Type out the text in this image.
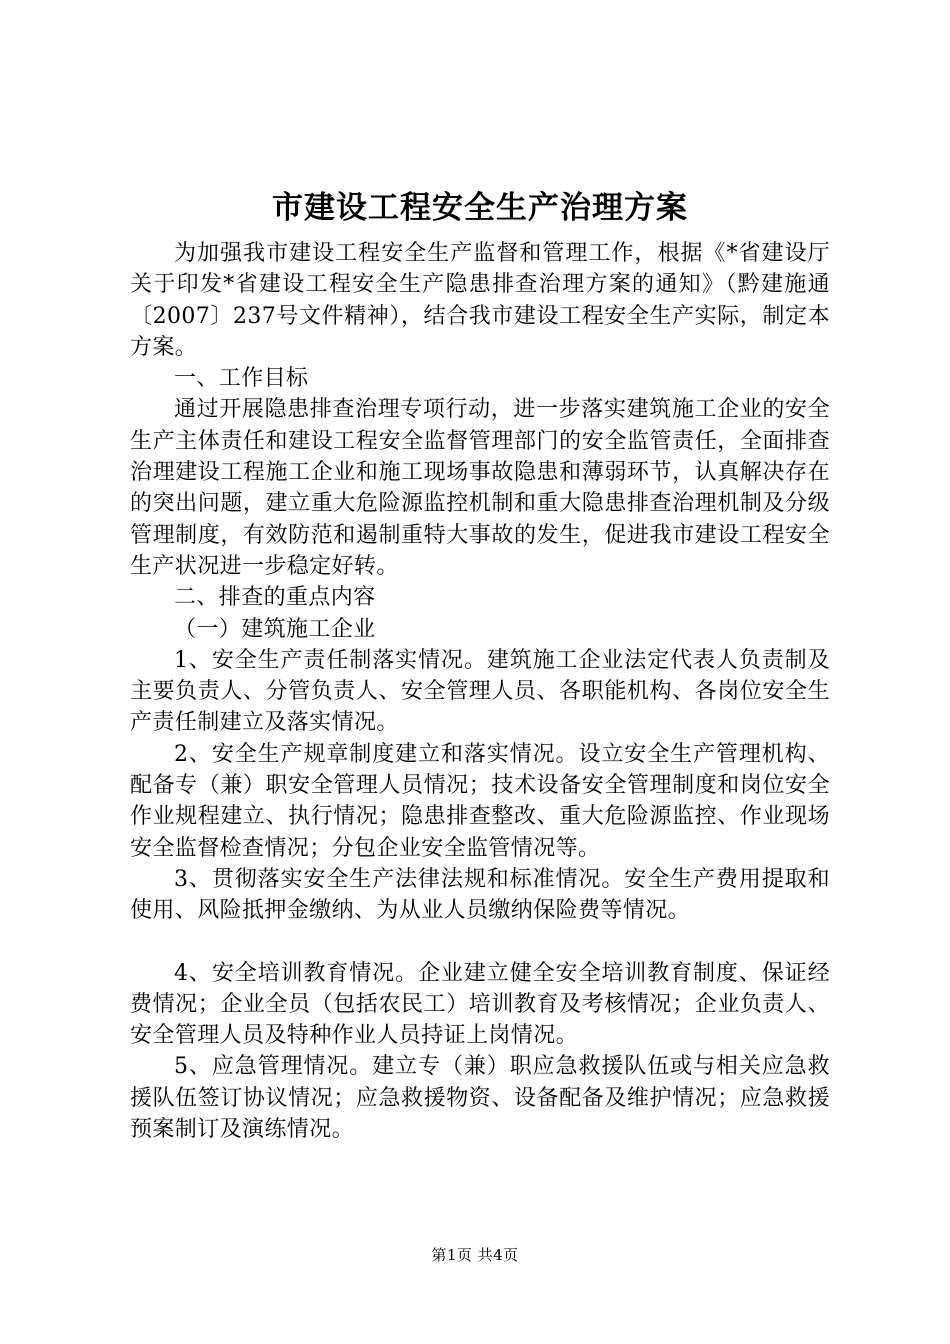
市建设工程安全生产治理方案

为加强我市建设工程安全生产监督和管理工作，根据《*省建设厅关于印发*省建设工程安全生产隐患排查治理方案的通知》（黔建施通〔2007〕237号文件精神），结合我市建设工程安全生产实际，制定本方案。

一、工作目标

通过开展隐患排查治理专项行动，进一步落实建筑施工企业的安全生产主体责任和建设工程安全监督管理部门的安全监管责任，全面排查治理建设工程施工企业和施工现场事故隐患和薄弱环节，认真解决存在的突出问题，建立重大危险源监控机制和重大隐患排查治理机制及分级管理制度，有效防范和遏制重特大事故的发生，促进我市建设工程安全生产状况进一步稳定好转。

二、排查的重点内容

（一）建筑施工企业

1、安全生产责任制落实情况。建筑施工企业法定代表人负责制及主要负责人、分管负责人、安全管理人员、各职能机构、各岗位安全生产责任制建立及落实情况。

2、安全生产规章制度建立和落实情况。设立安全生产管理机构、配备专（兼）职安全管理人员情况；技术设备安全管理制度和岗位安全作业规程建立、执行情况；隐患排查整改、重大危险源监控、作业现场安全监督检查情况；分包企业安全监管情况等。

3、贯彻落实安全生产法律法规和标准情况。安全生产费用提取和使用、风险抵押金缴纳、为从业人员缴纳保险费等情况。

4、安全培训教育情况。企业建立健全安全培训教育制度、保证经费情况；企业全员（包括农民工）培训教育及考核情况；企业负责人、安全管理人员及特种作业人员持证上岗情况。

5、应急管理情况。建立专（兼）职应急救援队伍或与相关应急救援队伍签订协议情况；应急救援物资、设备配备及维护情况；应急救援预案制订及演练情况。

第1页 共4页
